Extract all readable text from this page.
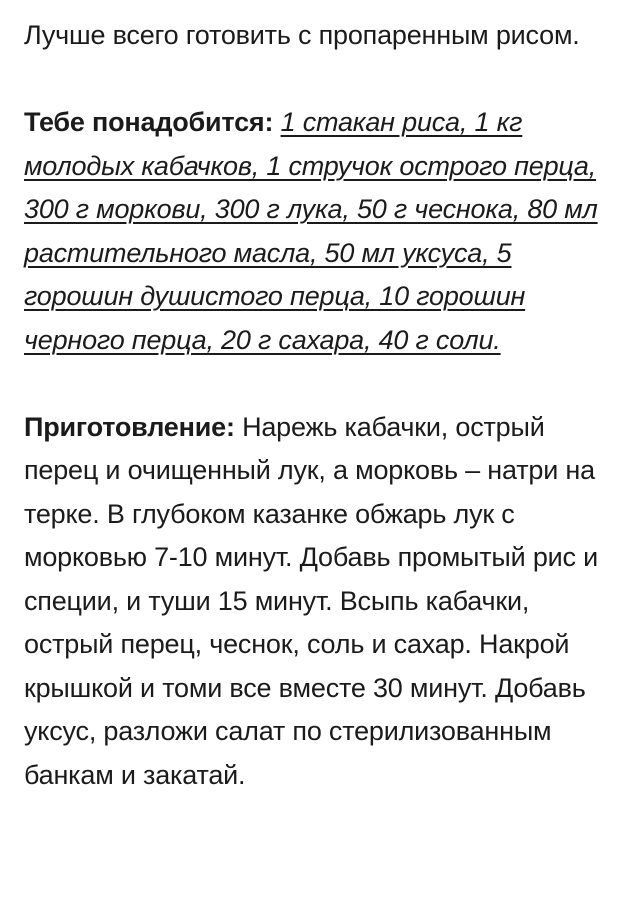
Лучше всего готовить с пропаренным рисом.

Тебе понадобится: 1 стакан риса, 1 кг молодых кабачков, 1 стручок острого перца, 300 г моркови, 300 г лука, 50 г чеснока, 80 мл растительного масла, 50 мл уксуса, 5 горошин душистого перца, 10 горошин черного перца, 20 г сахара, 40 г соли.

Приготовление: Нарежь кабачки, острый перец и очищенный лук, а морковь – натри на терке. В глубоком казанке обжарь лук с морковью 7-10 минут. Добавь промытый рис и специи, и туши 15 минут. Всыпь кабачки, острый перец, чеснок, соль и сахар. Накрой крышкой и томи все вместе 30 минут. Добавь уксус, разложи салат по стерилизованным банкам и закатай.
